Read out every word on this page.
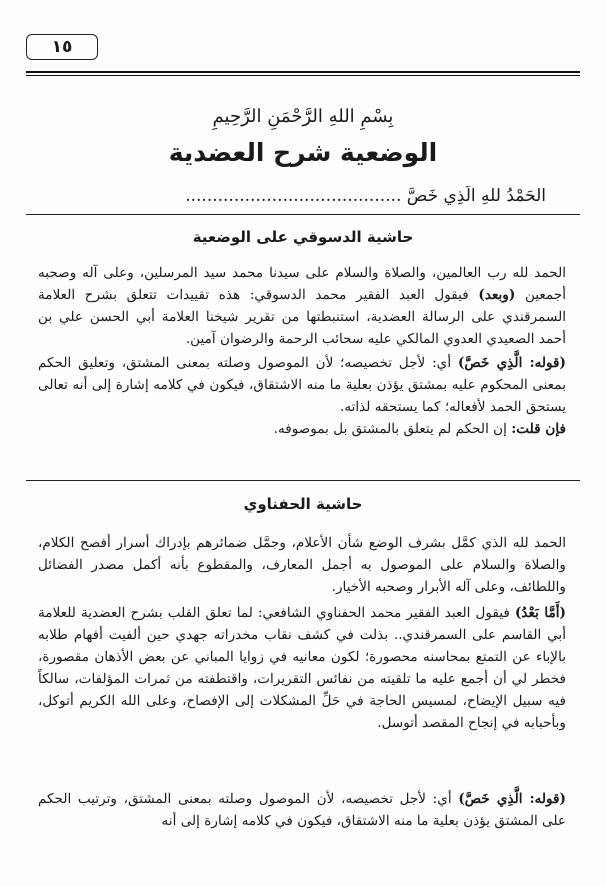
١٥
بِسْمِ اللهِ الرَّحْمَنِ الرَّحِيمِ
الوضعية شرح العضدية
الحَمْدُ للهِ الَّذِي خَصَّ ........................................
حاشية الدسوقي على الوضعية
الحمد لله رب العالمين، والصلاة والسلام على سيدنا محمد سيد المرسلين، وعلى آله وصحبه أجمعين (وبعد) فيقول العبد الفقير محمد الدسوقي: هذه تقييدات تتعلق بشرح العلامة السمرقندي على الرسالة العضدية، استنبطتها من تقرير شيخنا العلامة أبي الحسن علي بن أحمد الصعيدي العدوي المالكي عليه سحائب الرحمة والرضوان آمين.
(قوله: الَّذِي خَصَّ) أي: لأجل تخصيصه؛ لأن الموصول وصلته بمعنى المشتق، وتعليق الحكم بمعنى المحكوم عليه بمشتق يؤذن بعلية ما منه الاشتقاق، فيكون في كلامه إشارة إلى أنه تعالى يستحق الحمد لأفعاله؛ كما يستحقه لذاته.
فإن قلت: إن الحكم لم يتعلق بالمشتق بل بموصوفه.
حاشية الحفناوي
الحمد لله الذي كمَّل بشرف الوضع شأن الأعلام، وجمَّل ضمائرهم بإدراك أسرار أفصح الكلام، والصلاة والسلام على الموصول به أجمل المعارف، والمقطوع بأنه أكمل مصدر الفضائل واللطائف، وعلى آله الأبرار وصحبه الأخيار.
(أَمَّا بَعْدُ) فيقول العبد الفقير محمد الحفناوي الشافعي: لما تعلق القلب بشرح العضدية للعلامة أبي القاسم على السمرقندي.. بذلت في كشف نقاب مخدراته جهدي حين ألفيت أفهام طلابه بالإباء عن التمتع بمحاسنه محصورة؛ لكون معانيه في زوايا المباني عن بعض الأذهان مقصورة، فخطر لي أن أجمع عليه ما تلقيته من نفائس التقريرات، واقتطفته من ثمرات المؤلفات، سالكاً فيه سبيل الإيضاح، لمسيس الحاجة في حَلِّ المشكلات إلى الإفصاح، وعلى الله الكريم أتوكل، وبأحبابه في إنجاح المقصد أتوسل.
(قوله: الَّذِي خَصَّ) أي: لأجل تخصيصه، لأن الموصول وصلته بمعنى المشتق، وترتيب الحكم على المشتق يؤذن بعلية ما منه الاشتقاق، فيكون في كلامه إشارة إلى أنه
